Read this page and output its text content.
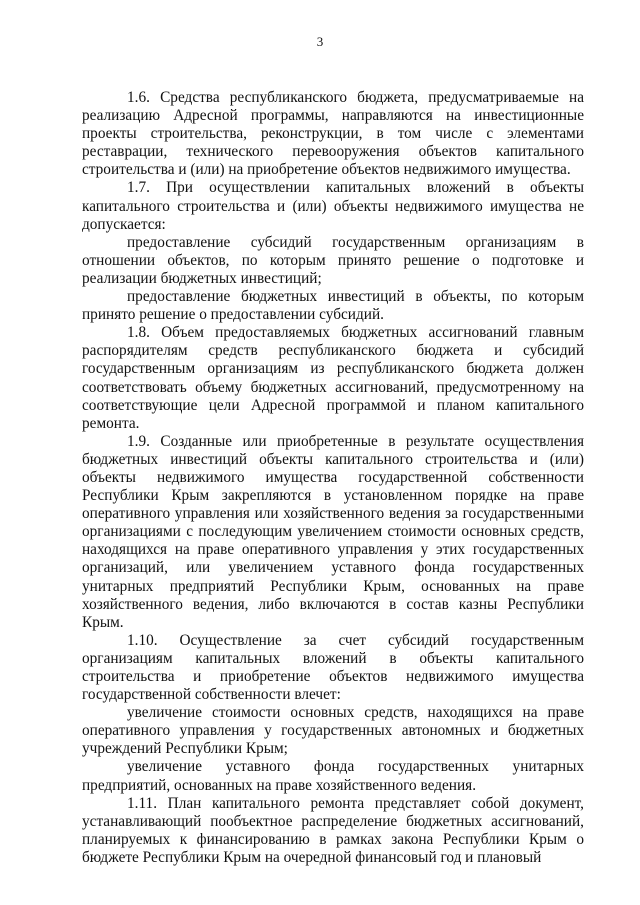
3

1.6. Средства республиканского бюджета, предусматриваемые на реализацию Адресной программы, направляются на инвестиционные проекты строительства, реконструкции, в том числе с элементами реставрации, технического перевооружения объектов капитального строительства и (или) на приобретение объектов недвижимого имущества.

1.7. При осуществлении капитальных вложений в объекты капитального строительства и (или) объекты недвижимого имущества не допускается:

предоставление субсидий государственным организациям в отношении объектов, по которым принято решение о подготовке и реализации бюджетных инвестиций;

предоставление бюджетных инвестиций в объекты, по которым принято решение о предоставлении субсидий.

1.8. Объем предоставляемых бюджетных ассигнований главным распорядителям средств республиканского бюджета и субсидий государственным организациям из республиканского бюджета должен соответствовать объему бюджетных ассигнований, предусмотренному на соответствующие цели Адресной программой и планом капитального ремонта.

1.9. Созданные или приобретенные в результате осуществления бюджетных инвестиций объекты капитального строительства и (или) объекты недвижимого имущества государственной собственности Республики Крым закрепляются в установленном порядке на праве оперативного управления или хозяйственного ведения за государственными организациями с последующим увеличением стоимости основных средств, находящихся на праве оперативного управления у этих государственных организаций, или увеличением уставного фонда государственных унитарных предприятий Республики Крым, основанных на праве хозяйственного ведения, либо включаются в состав казны Республики Крым.

1.10. Осуществление за счет субсидий государственным организациям капитальных вложений в объекты капитального строительства и приобретение объектов недвижимого имущества государственной собственности влечет:

увеличение стоимости основных средств, находящихся на праве оперативного управления у государственных автономных и бюджетных учреждений Республики Крым;

увеличение уставного фонда государственных унитарных предприятий, основанных на праве хозяйственного ведения.

1.11. План капитального ремонта представляет собой документ, устанавливающий пообъектное распределение бюджетных ассигнований, планируемых к финансированию в рамках закона Республики Крым о бюджете Республики Крым на очередной финансовый год и плановый
